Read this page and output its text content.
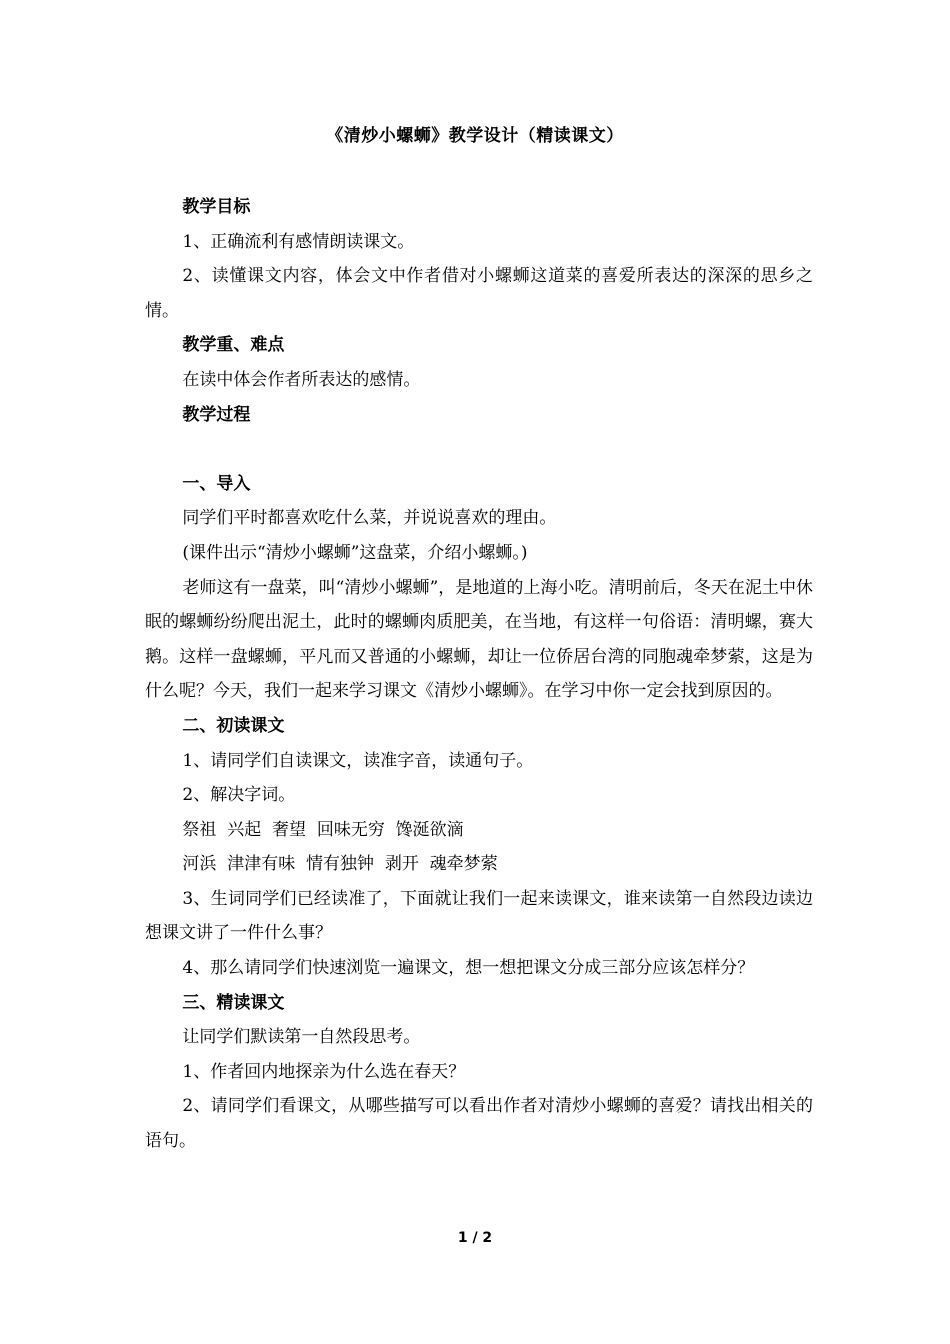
《清炒小螺蛳》教学设计（精读课文）

教学目标

1、正确流利有感情朗读课文。

2、读懂课文内容，体会文中作者借对小螺蛳这道菜的喜爱所表达的深深的思乡之情。

教学重、难点

在读中体会作者所表达的感情。

教学过程

一、导入

同学们平时都喜欢吃什么菜，并说说喜欢的理由。

(课件出示“清炒小螺蛳”这盘菜，介绍小螺蛳。)

老师这有一盘菜，叫“清炒小螺蛳”，是地道的上海小吃。清明前后，冬天在泥土中休眠的螺蛳纷纷爬出泥土，此时的螺蛳肉质肥美，在当地，有这样一句俗语：清明螺，赛大鹅。这样一盘螺蛳，平凡而又普通的小螺蛳，却让一位侨居台湾的同胞魂牵梦萦，这是为什么呢？今天，我们一起来学习课文《清炒小螺蛳》。在学习中你一定会找到原因的。

二、初读课文

1、请同学们自读课文，读准字音，读通句子。

2、解决字词。

祭祖  兴起  奢望  回味无穷  馋涎欲滴

河浜  津津有味  情有独钟  剥开  魂牵梦萦

3、生词同学们已经读准了，下面就让我们一起来读课文，谁来读第一自然段边读边想课文讲了一件什么事？

4、那么请同学们快速浏览一遍课文，想一想把课文分成三部分应该怎样分？

三、精读课文

让同学们默读第一自然段思考。

1、作者回内地探亲为什么选在春天？

2、请同学们看课文，从哪些描写可以看出作者对清炒小螺蛳的喜爱？请找出相关的语句。

1 / 2
